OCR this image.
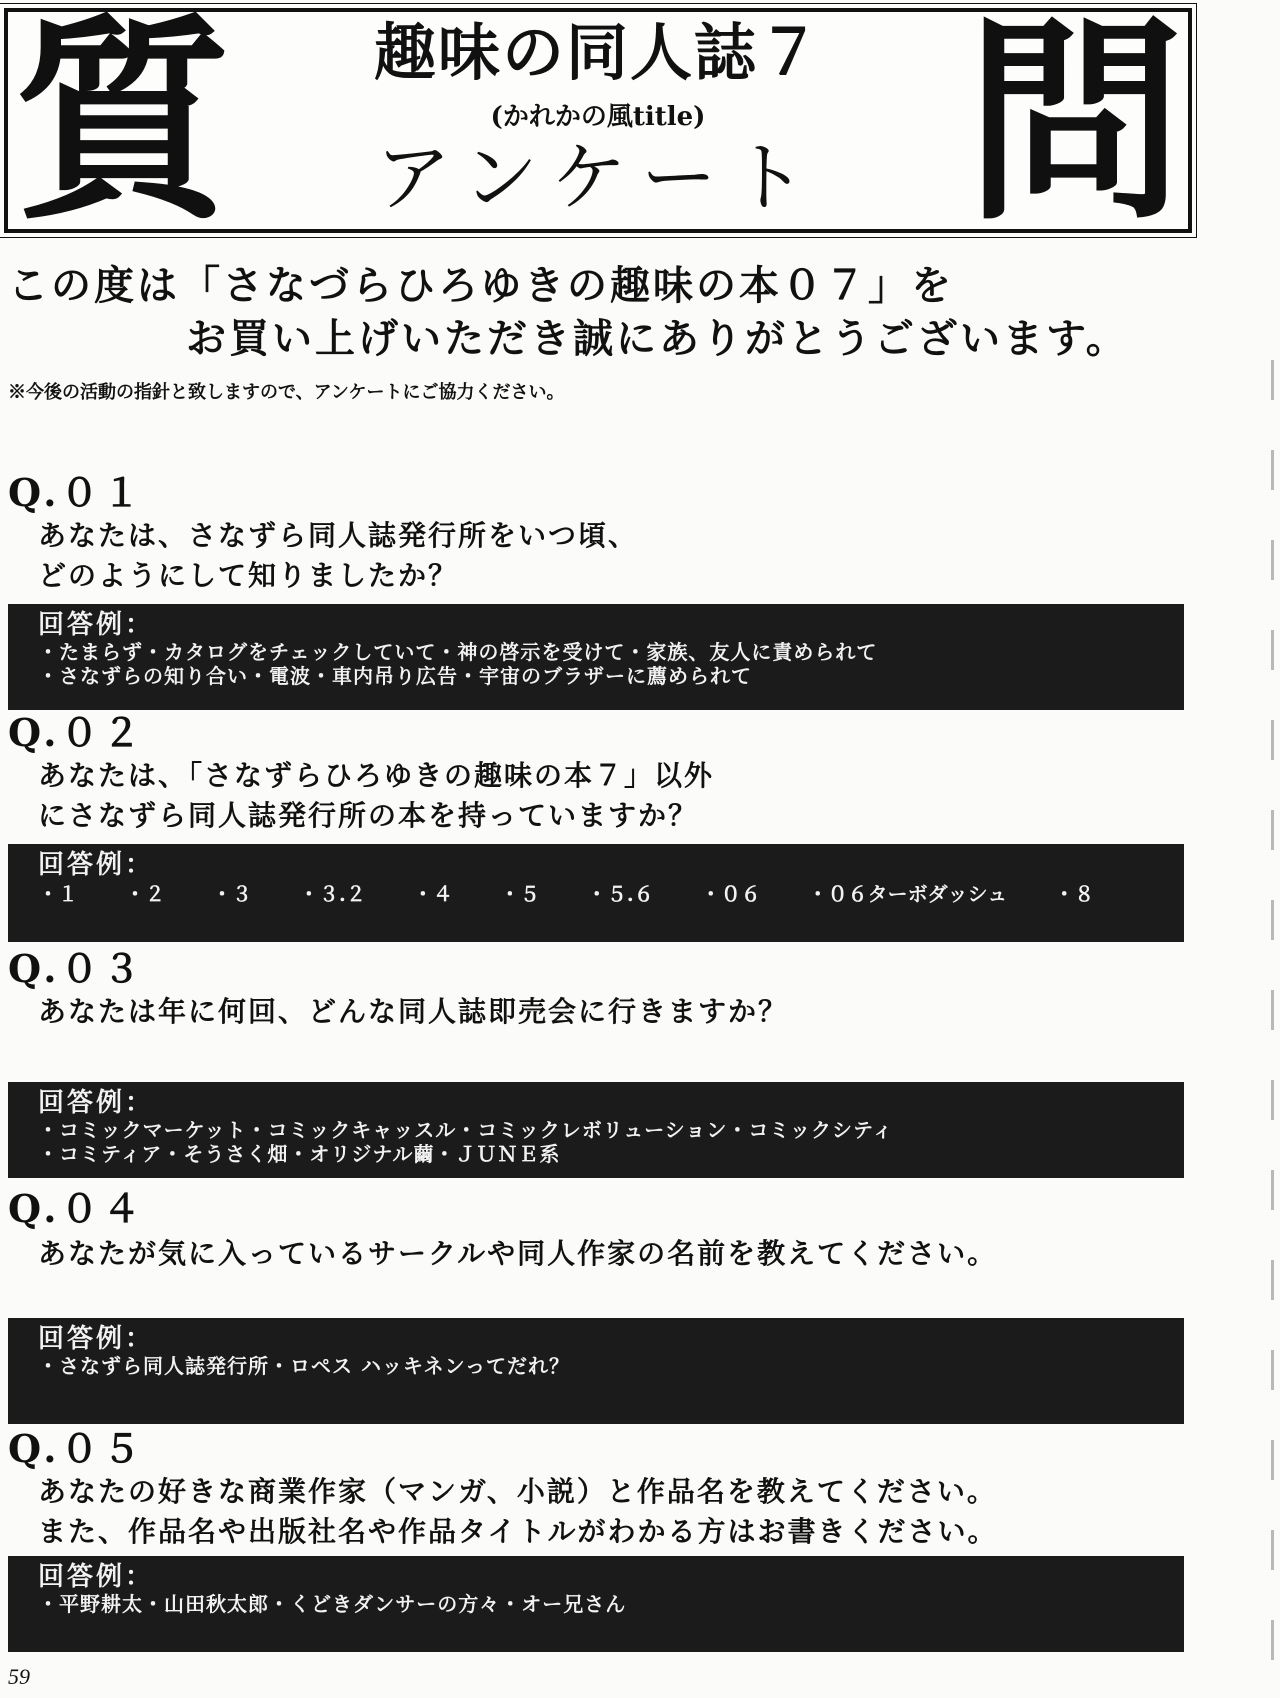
質	趣味の同人誌７
(かれかの風title)
アンケート 問
この度は「さなづらひろゆきの趣味の本０７」を
お買い上げいただき誠にありがとうございます。
※今後の活動の指針と致しますので、アンケートにご協力ください。
Q.０１
あなたは、さなずら同人誌発行所をいつ頃、
どのようにして知りましたか？
回答例：
・たまらず・カタログをチェックしていて・神の啓示を受けて・家族、友人に責められて
・さなずらの知り合い・電波・車内吊り広告・宇宙のブラザーに薦められて
Q.０２
あなたは、「さなずらひろゆきの趣味の本７」以外
にさなずら同人誌発行所の本を持っていますか？
回答例：
・１ ・２ ・３ ・３.２ ・４ ・５ ・５.６ ・０６ ・０６ターボダッシュ ・８
Q.０３
あなたは年に何回、どんな同人誌即売会に行きますか？
回答例：
・コミックマーケット・コミックキャッスル・コミックレボリューション・コミックシティ
・コミティア・そうさく畑・オリジナル繭・ＪＵＮＥ系
Q.０４
あなたが気に入っているサークルや同人作家の名前を教えてください。
回答例：
・さなずら同人誌発行所・ロペス ハッキネンってだれ？
Q.０５
あなたの好きな商業作家（マンガ、小説）と作品名を教えてください。
また、作品名や出版社名や作品タイトルがわかる方はお書きください。
回答例：
・平野耕太・山田秋太郎・くどきダンサーの方々・オー兄さん
59
